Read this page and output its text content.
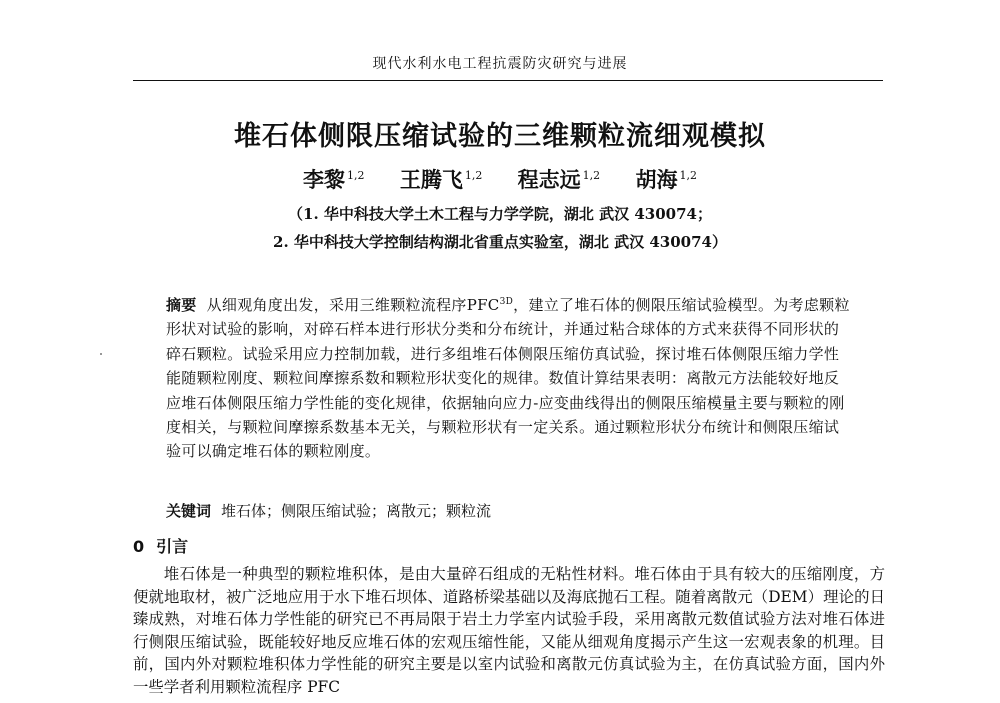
现代水利水电工程抗震防灾研究与进展
堆石体侧限压缩试验的三维颗粒流细观模拟
李黎 $^{1,2}$ 王腾飞 $^{1,2}$ 程志远 $^{1,2}$ 胡海 $^{1,2}$
（1. 华中科技大学土木工程与力学学院，湖北 武汉 430074；
2. 华中科技大学控制结构湖北省重点实验室，湖北 武汉 430074）
摘要 从细观角度出发，采用三维颗粒流程序$PFC^{3D}$，建立了堆石体的侧限压缩试验模型。为考虑颗粒形状对试验的影响，对碎石样本进行形状分类和分布统计，并通过粘合球体的方式来获得不同形状的碎石颗粒。试验采用应力控制加载，进行多组堆石体侧限压缩仿真试验，探讨堆石体侧限压缩力学性能随颗粒刚度、颗粒间摩擦系数和颗粒形状变化的规律。数值计算结果表明：离散元方法能较好地反应堆石体侧限压缩力学性能的变化规律，依据轴向应力-应变曲线得出的侧限压缩模量主要与颗粒的刚度相关，与颗粒间摩擦系数基本无关，与颗粒形状有一定关系。通过颗粒形状分布统计和侧限压缩试验可以确定堆石体的颗粒刚度。
关键词 堆石体；侧限压缩试验；离散元；颗粒流
0 引言
堆石体是一种典型的颗粒堆积体，是由大量碎石组成的无粘性材料。堆石体由于具有较大的压缩刚度，方便就地取材，被广泛地应用于水下堆石坝体、道路桥梁基础以及海底抛石工程。随着离散元（DEM）理论的日臻成熟，对堆石体力学性能的研究已不再局限于岩土力学室内试验手段，采用离散元数值试验方法对堆石体进行侧限压缩试验，既能较好地反应堆石体的宏观压缩性能，又能从细观角度揭示产生这一宏观表象的机理。目前，国内外对颗粒堆积体力学性能的研究主要是以室内试验和离散元仿真试验为主，在仿真试验方面，国内外一些学者利用颗粒流程序 PFC
